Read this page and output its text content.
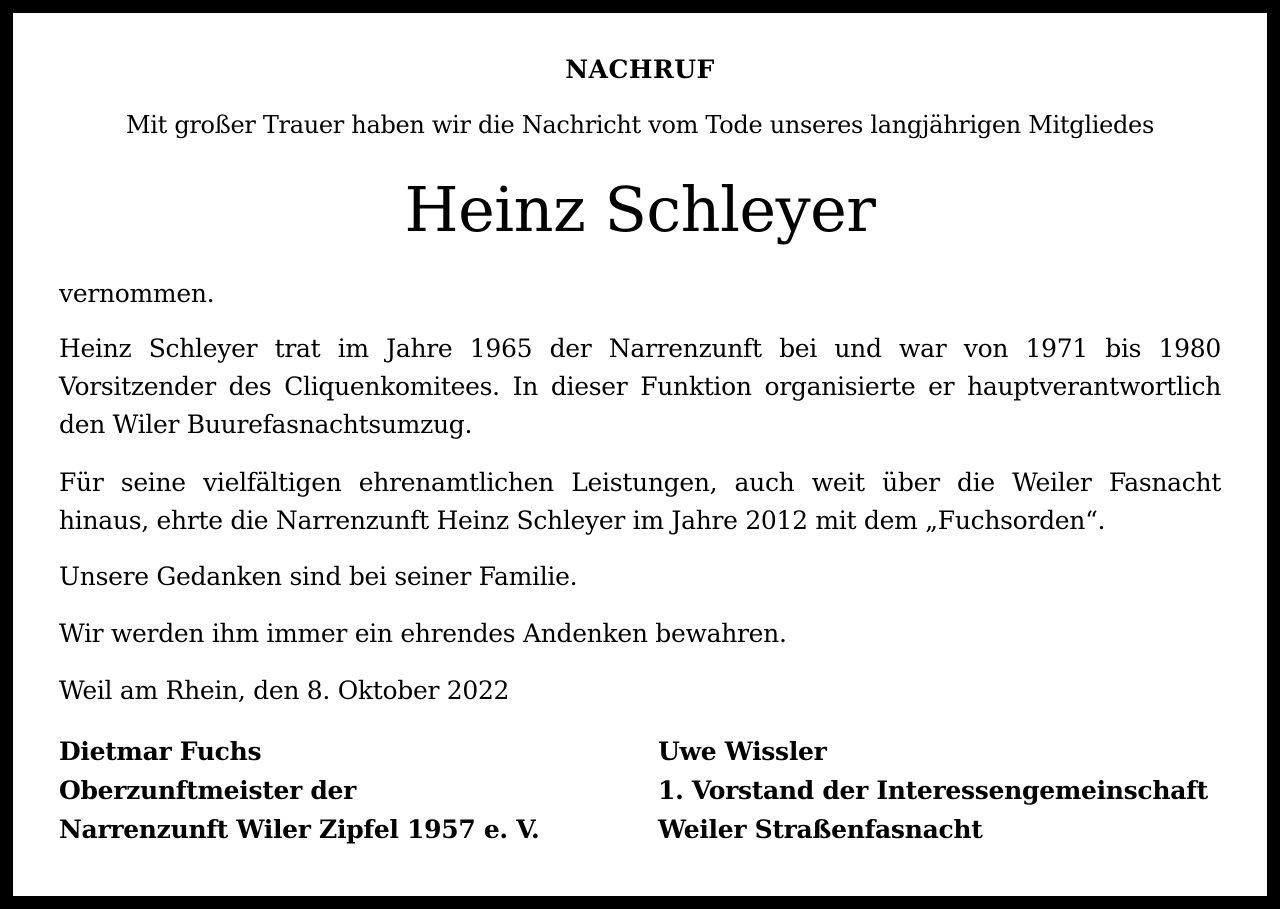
NACHRUF

Mit großer Trauer haben wir die Nachricht vom Tode unseres langjährigen Mitgliedes

Heinz Schleyer

vernommen.

Heinz Schleyer trat im Jahre 1965 der Narrenzunft bei und war von 1971 bis 1980
Vorsitzender des Cliquenkomitees. In dieser Funktion organisierte er hauptverantwortlich
den Wiler Buurefasnachtsumzug.

Für seine vielfältigen ehrenamtlichen Leistungen, auch weit über die Weiler Fasnacht
hinaus, ehrte die Narrenzunft Heinz Schleyer im Jahre 2012 mit dem „Fuchsorden“.

Unsere Gedanken sind bei seiner Familie.

Wir werden ihm immer ein ehrendes Andenken bewahren.

Weil am Rhein, den 8. Oktober 2022

Dietmar Fuchs
Oberzunftmeister der
Narrenzunft Wiler Zipfel 1957 e. V.
Uwe Wissler
1. Vorstand der Interessengemeinschaft
Weiler Straßenfasnacht
